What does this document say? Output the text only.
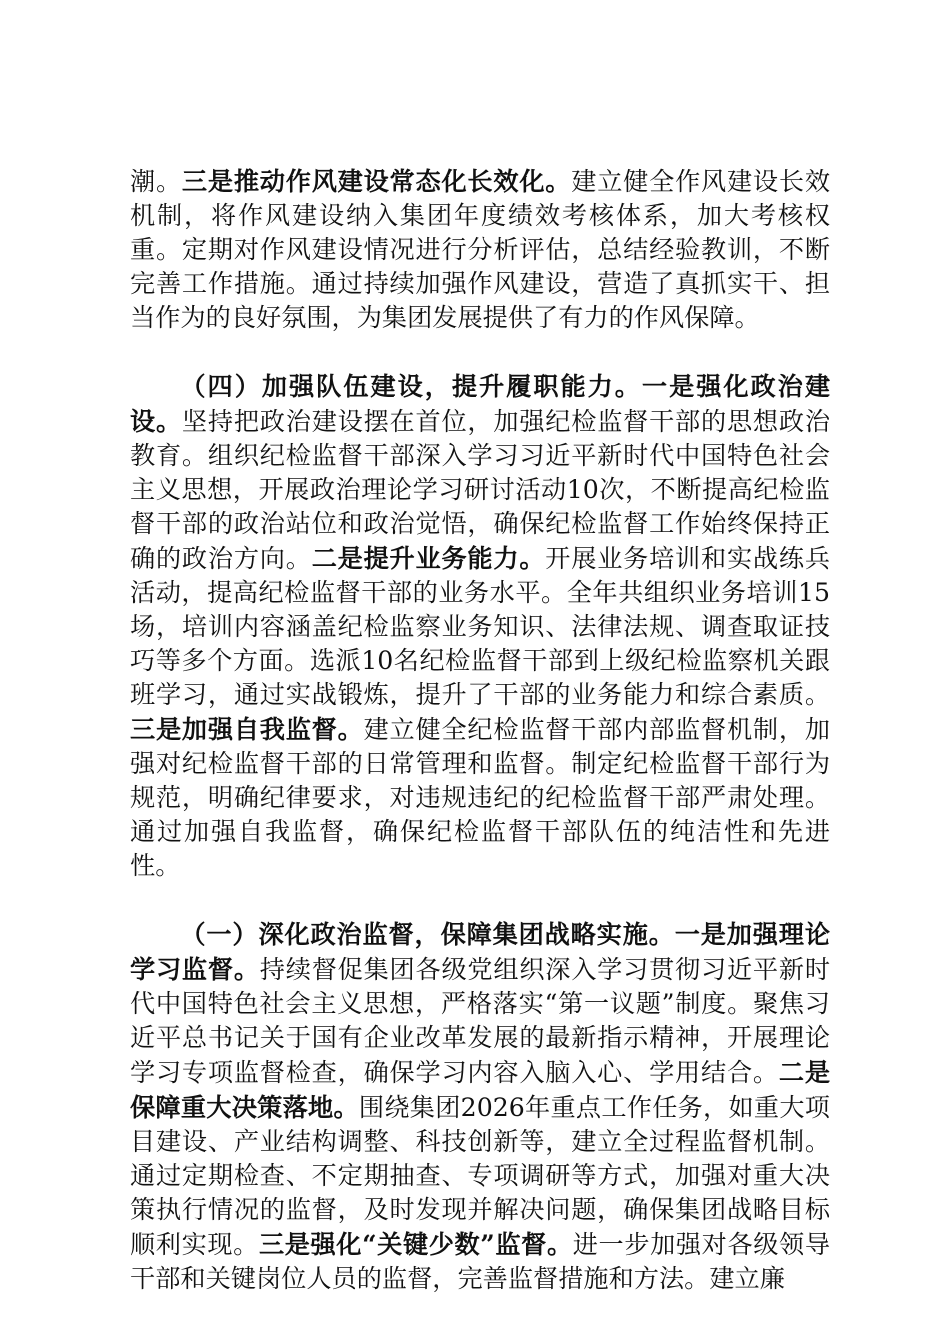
潮。三是推动作风建设常态化长效化。建立健全作风建设长效机制，将作风建设纳入集团年度绩效考核体系，加大考核权重。定期对作风建设情况进行分析评估，总结经验教训，不断完善工作措施。通过持续加强作风建设，营造了真抓实干、担当作为的良好氛围，为集团发展提供了有力的作风保障。

（四）加强队伍建设，提升履职能力。一是强化政治建设。坚持把政治建设摆在首位，加强纪检监督干部的思想政治教育。组织纪检监督干部深入学习习近平新时代中国特色社会主义思想，开展政治理论学习研讨活动10次，不断提高纪检监督干部的政治站位和政治觉悟，确保纪检监督工作始终保持正确的政治方向。二是提升业务能力。开展业务培训和实战练兵活动，提高纪检监督干部的业务水平。全年共组织业务培训15场，培训内容涵盖纪检监察业务知识、法律法规、调查取证技巧等多个方面。选派10名纪检监督干部到上级纪检监察机关跟班学习，通过实战锻炼，提升了干部的业务能力和综合素质。三是加强自我监督。建立健全纪检监督干部内部监督机制，加强对纪检监督干部的日常管理和监督。制定纪检监督干部行为规范，明确纪律要求，对违规违纪的纪检监督干部严肃处理。通过加强自我监督，确保纪检监督干部队伍的纯洁性和先进性。

（一）深化政治监督，保障集团战略实施。一是加强理论学习监督。持续督促集团各级党组织深入学习贯彻习近平新时代中国特色社会主义思想，严格落实“第一议题”制度。聚焦习近平总书记关于国有企业改革发展的最新指示精神，开展理论学习专项监督检查，确保学习内容入脑入心、学用结合。二是保障重大决策落地。围绕集团2026年重点工作任务，如重大项目建设、产业结构调整、科技创新等，建立全过程监督机制。通过定期检查、不定期抽查、专项调研等方式，加强对重大决策执行情况的监督，及时发现并解决问题，确保集团战略目标顺利实现。三是强化“关键少数”监督。进一步加强对各级领导干部和关键岗位人员的监督，完善监督措施和方法。建立廉
